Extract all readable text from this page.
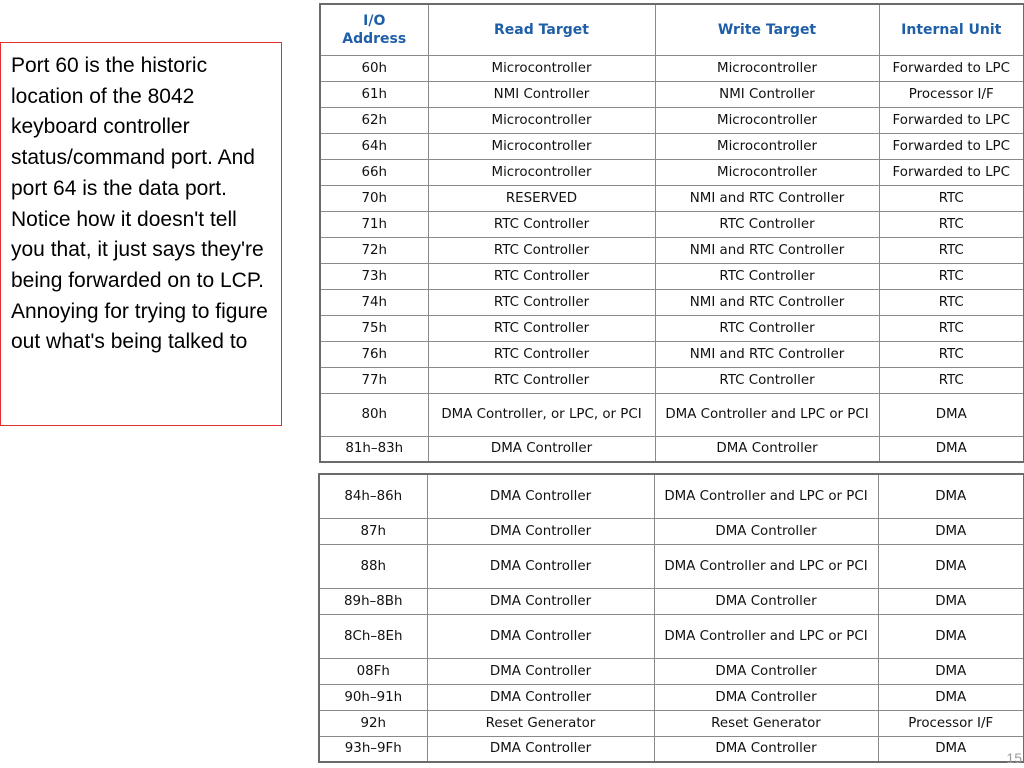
Port 60 is the historic location of the 8042 keyboard controller status/command port. And port 64 is the data port. Notice how it doesn't tell you that, it just says they're being forwarded on to LCP. Annoying for trying to figure out what's being talked to
I/O Address	Read Target	Write Target	Internal Unit
60h	Microcontroller	Microcontroller	Forwarded to LPC
61h	NMI Controller	NMI Controller	Processor I/F
62h	Microcontroller	Microcontroller	Forwarded to LPC
64h	Microcontroller	Microcontroller	Forwarded to LPC
66h	Microcontroller	Microcontroller	Forwarded to LPC
70h	RESERVED	NMI and RTC Controller	RTC
71h	RTC Controller	RTC Controller	RTC
72h	RTC Controller	NMI and RTC Controller	RTC
73h	RTC Controller	RTC Controller	RTC
74h	RTC Controller	NMI and RTC Controller	RTC
75h	RTC Controller	RTC Controller	RTC
76h	RTC Controller	NMI and RTC Controller	RTC
77h	RTC Controller	RTC Controller	RTC
80h	DMA Controller, or LPC, or PCI	DMA Controller and LPC or PCI	DMA
81h–83h	DMA Controller	DMA Controller	DMA
84h–86h	DMA Controller	DMA Controller and LPC or PCI	DMA
87h	DMA Controller	DMA Controller	DMA
88h	DMA Controller	DMA Controller and LPC or PCI	DMA
89h–8Bh	DMA Controller	DMA Controller	DMA
8Ch–8Eh	DMA Controller	DMA Controller and LPC or PCI	DMA
08Fh	DMA Controller	DMA Controller	DMA
90h–91h	DMA Controller	DMA Controller	DMA
92h	Reset Generator	Reset Generator	Processor I/F
93h–9Fh	DMA Controller	DMA Controller	DMA
15
